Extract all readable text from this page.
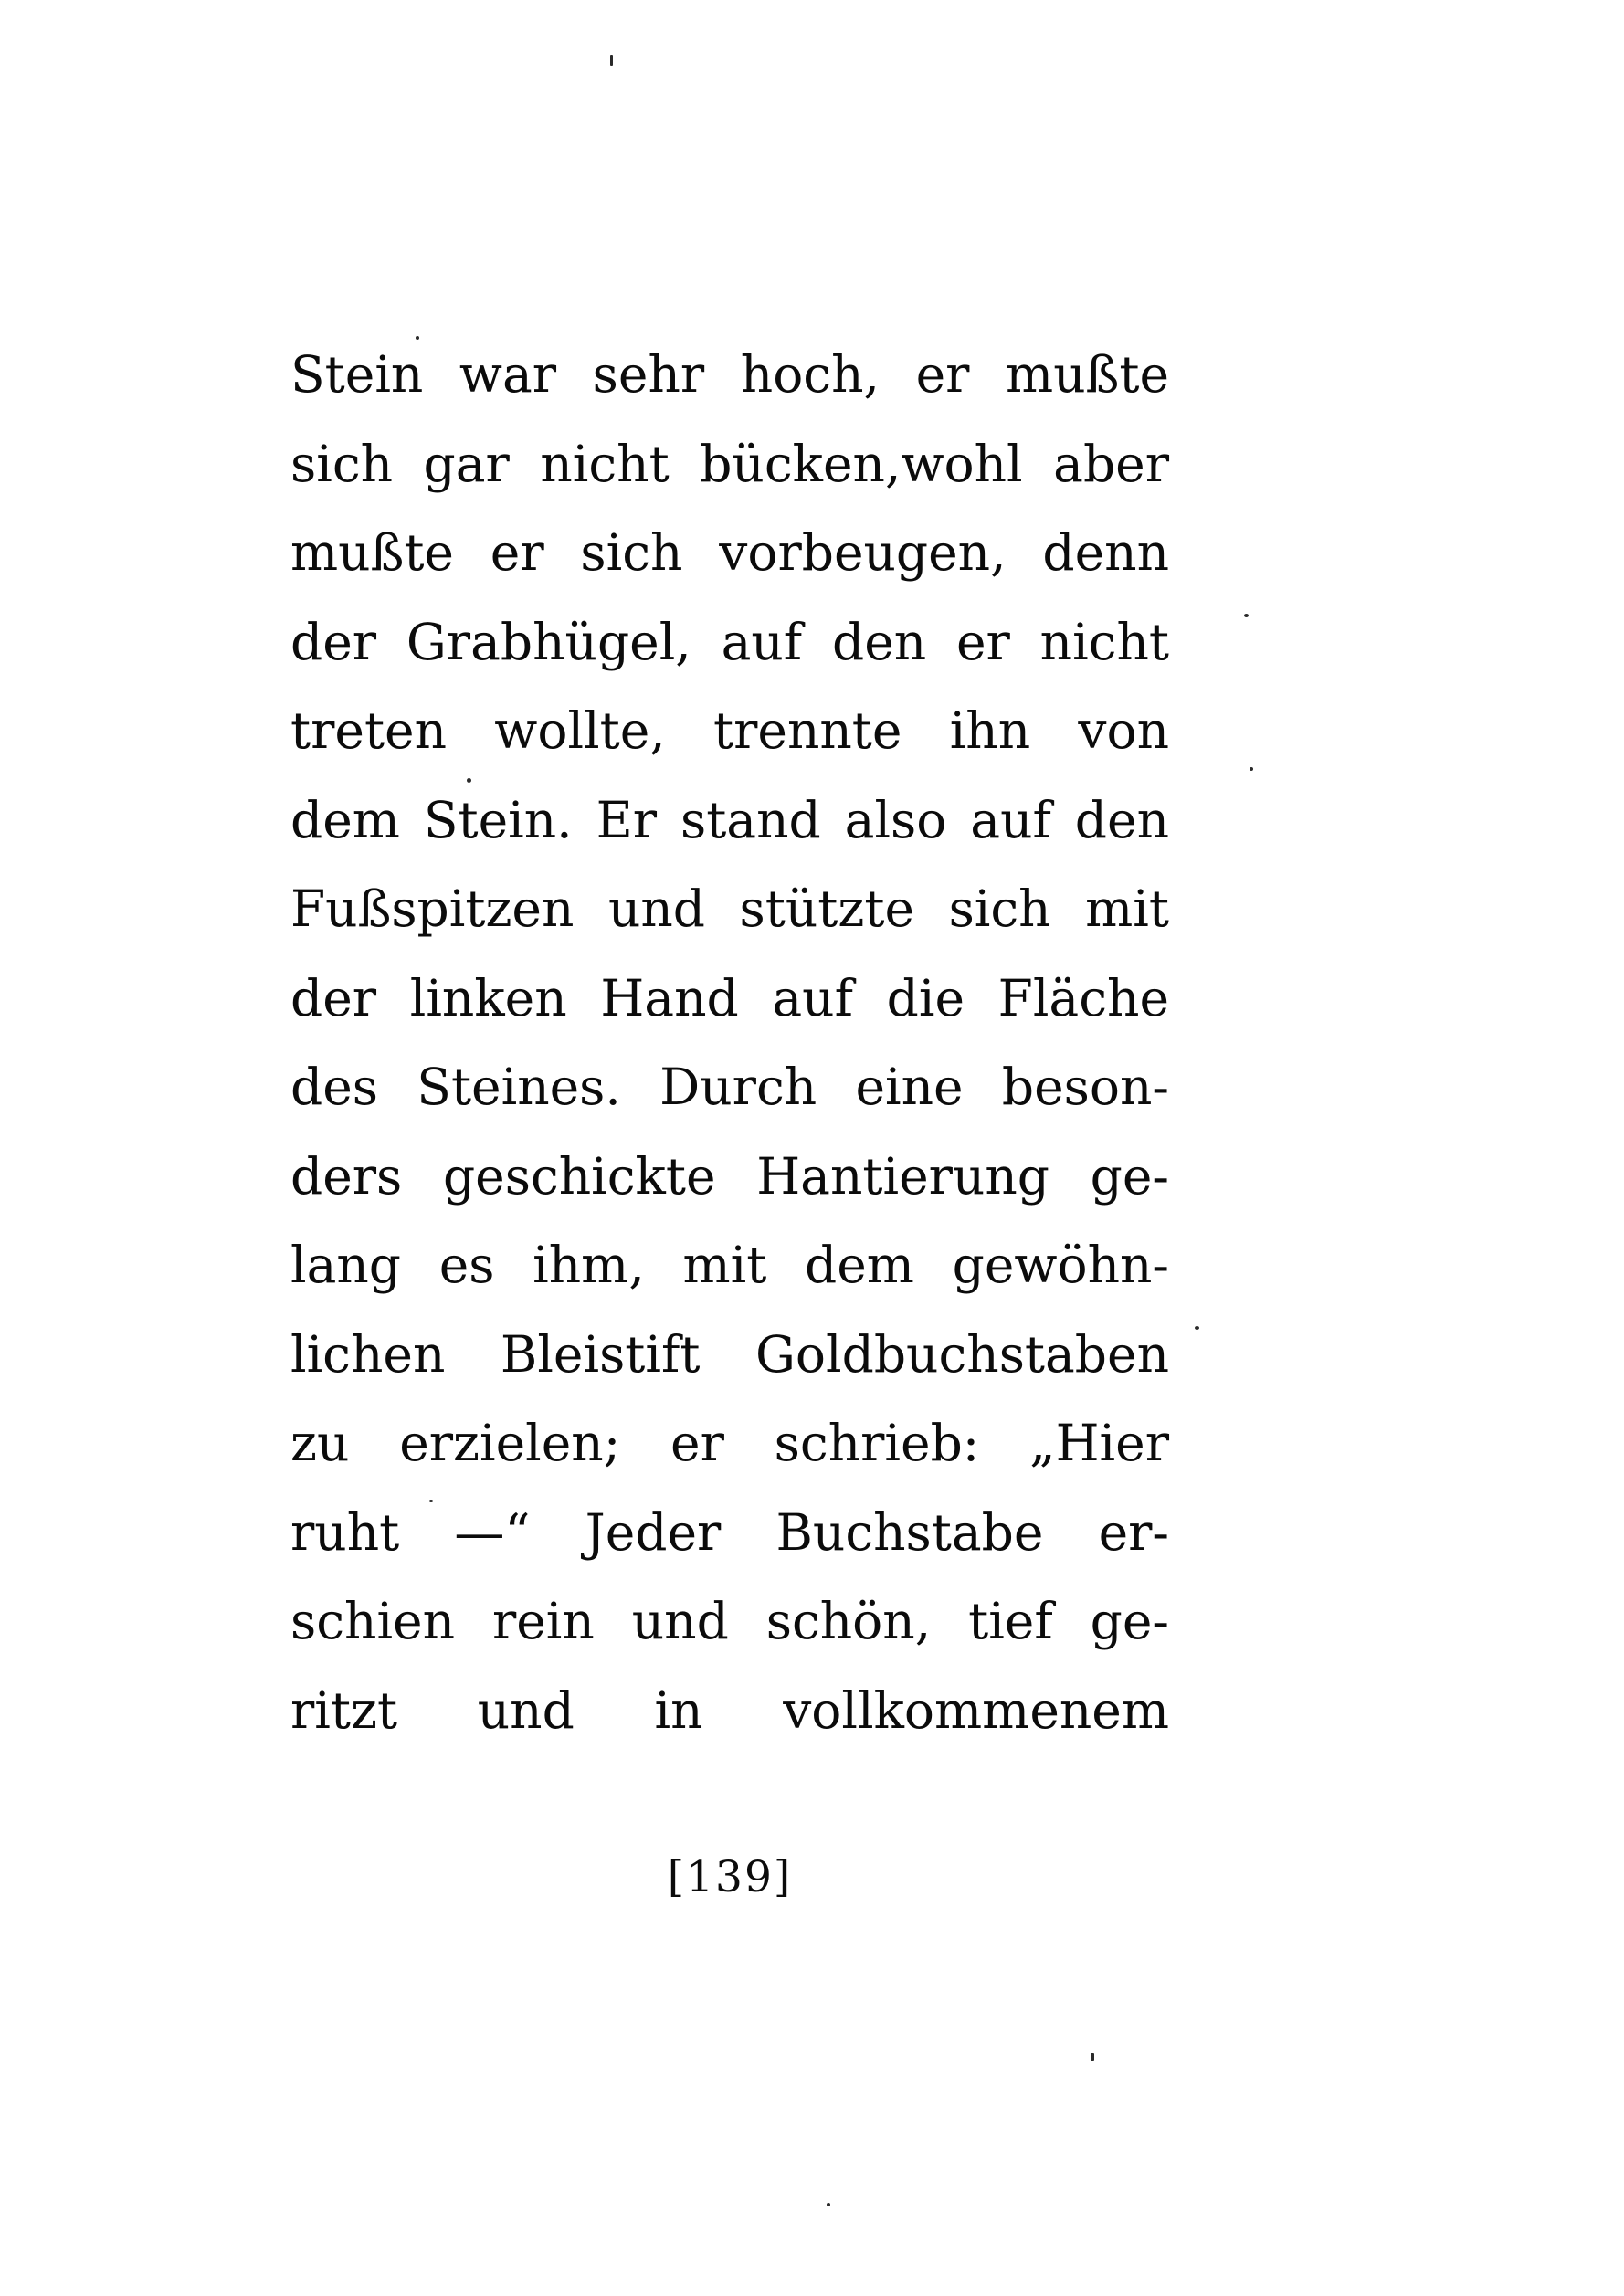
Stein war sehr hoch, er mußte
sich gar nicht bücken,wohl aber
mußte er sich vorbeugen, denn
der Grabhügel, auf den er nicht
treten wollte, trennte ihn von
dem Stein. Er stand also auf den
Fußspitzen und stützte sich mit
der linken Hand auf die Fläche
des Steines. Durch eine beson-
ders geschickte Hantierung ge-
lang es ihm, mit dem gewöhn-
lichen Bleistift Goldbuchstaben
zu erzielen; er schrieb: „Hier
ruht —“ Jeder Buchstabe er-
schien rein und schön, tief ge-
ritzt und in vollkommenem
[139]
